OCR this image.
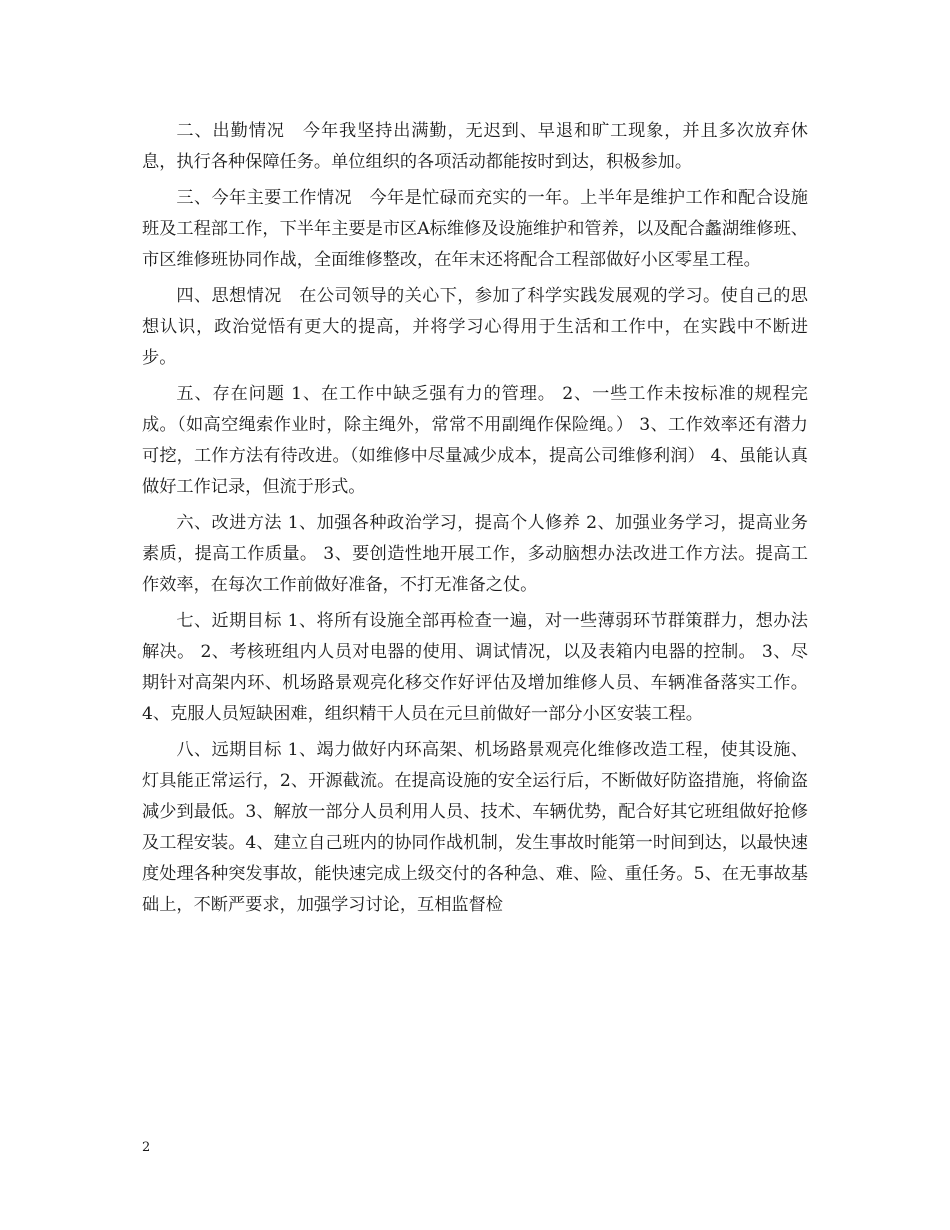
二、出勤情况　今年我坚持出满勤，无迟到、早退和旷工现象，并且多次放弃休息，执行各种保障任务。单位组织的各项活动都能按时到达，积极参加。

三、今年主要工作情况　今年是忙碌而充实的一年。上半年是维护工作和配合设施班及工程部工作，下半年主要是市区A标维修及设施维护和管养，以及配合蠡湖维修班、市区维修班协同作战，全面维修整改，在年末还将配合工程部做好小区零星工程。

四、思想情况　在公司领导的关心下，参加了科学实践发展观的学习。使自己的思想认识，政治觉悟有更大的提高，并将学习心得用于生活和工作中，在实践中不断进步。

五、存在问题 1、在工作中缺乏强有力的管理。 2、一些工作未按标准的规程完成。（如高空绳索作业时，除主绳外，常常不用副绳作保险绳。） 3、工作效率还有潜力可挖，工作方法有待改进。（如维修中尽量减少成本，提高公司维修利润） 4、虽能认真做好工作记录，但流于形式。

六、改进方法 1、加强各种政治学习，提高个人修养 2、加强业务学习，提高业务素质，提高工作质量。 3、要创造性地开展工作，多动脑想办法改进工作方法。提高工作效率，在每次工作前做好准备，不打无准备之仗。

七、近期目标 1、将所有设施全部再检查一遍，对一些薄弱环节群策群力，想办法解决。 2、考核班组内人员对电器的使用、调试情况，以及表箱内电器的控制。 3、尽期针对高架内环、机场路景观亮化移交作好评估及增加维修人员、车辆准备落实工作。 4、克服人员短缺困难，组织精干人员在元旦前做好一部分小区安装工程。

八、远期目标 1、竭力做好内环高架、机场路景观亮化维修改造工程，使其设施、灯具能正常运行，2、开源截流。在提高设施的安全运行后，不断做好防盗措施，将偷盗减少到最低。3、解放一部分人员利用人员、技术、车辆优势，配合好其它班组做好抢修及工程安装。4、建立自己班内的协同作战机制，发生事故时能第一时间到达，以最快速度处理各种突发事故，能快速完成上级交付的各种急、难、险、重任务。5、在无事故基础上，不断严要求，加强学习讨论，互相监督检

2
